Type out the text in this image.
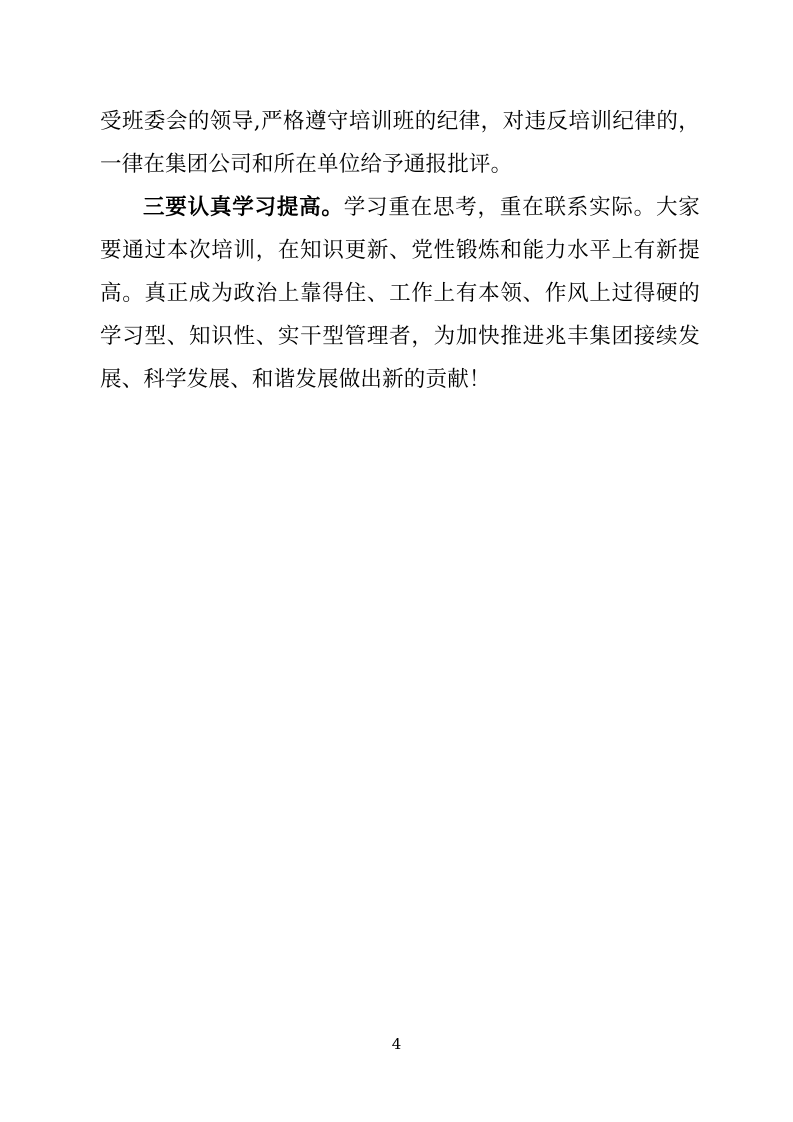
受班委会的领导,严格遵守培训班的纪律，对违反培训纪律的，一律在集团公司和所在单位给予通报批评。

三要认真学习提高。学习重在思考，重在联系实际。大家要通过本次培训，在知识更新、党性锻炼和能力水平上有新提高。真正成为政治上靠得住、工作上有本领、作风上过得硬的学习型、知识性、实干型管理者，为加快推进兆丰集团接续发展、科学发展、和谐发展做出新的贡献！

4
